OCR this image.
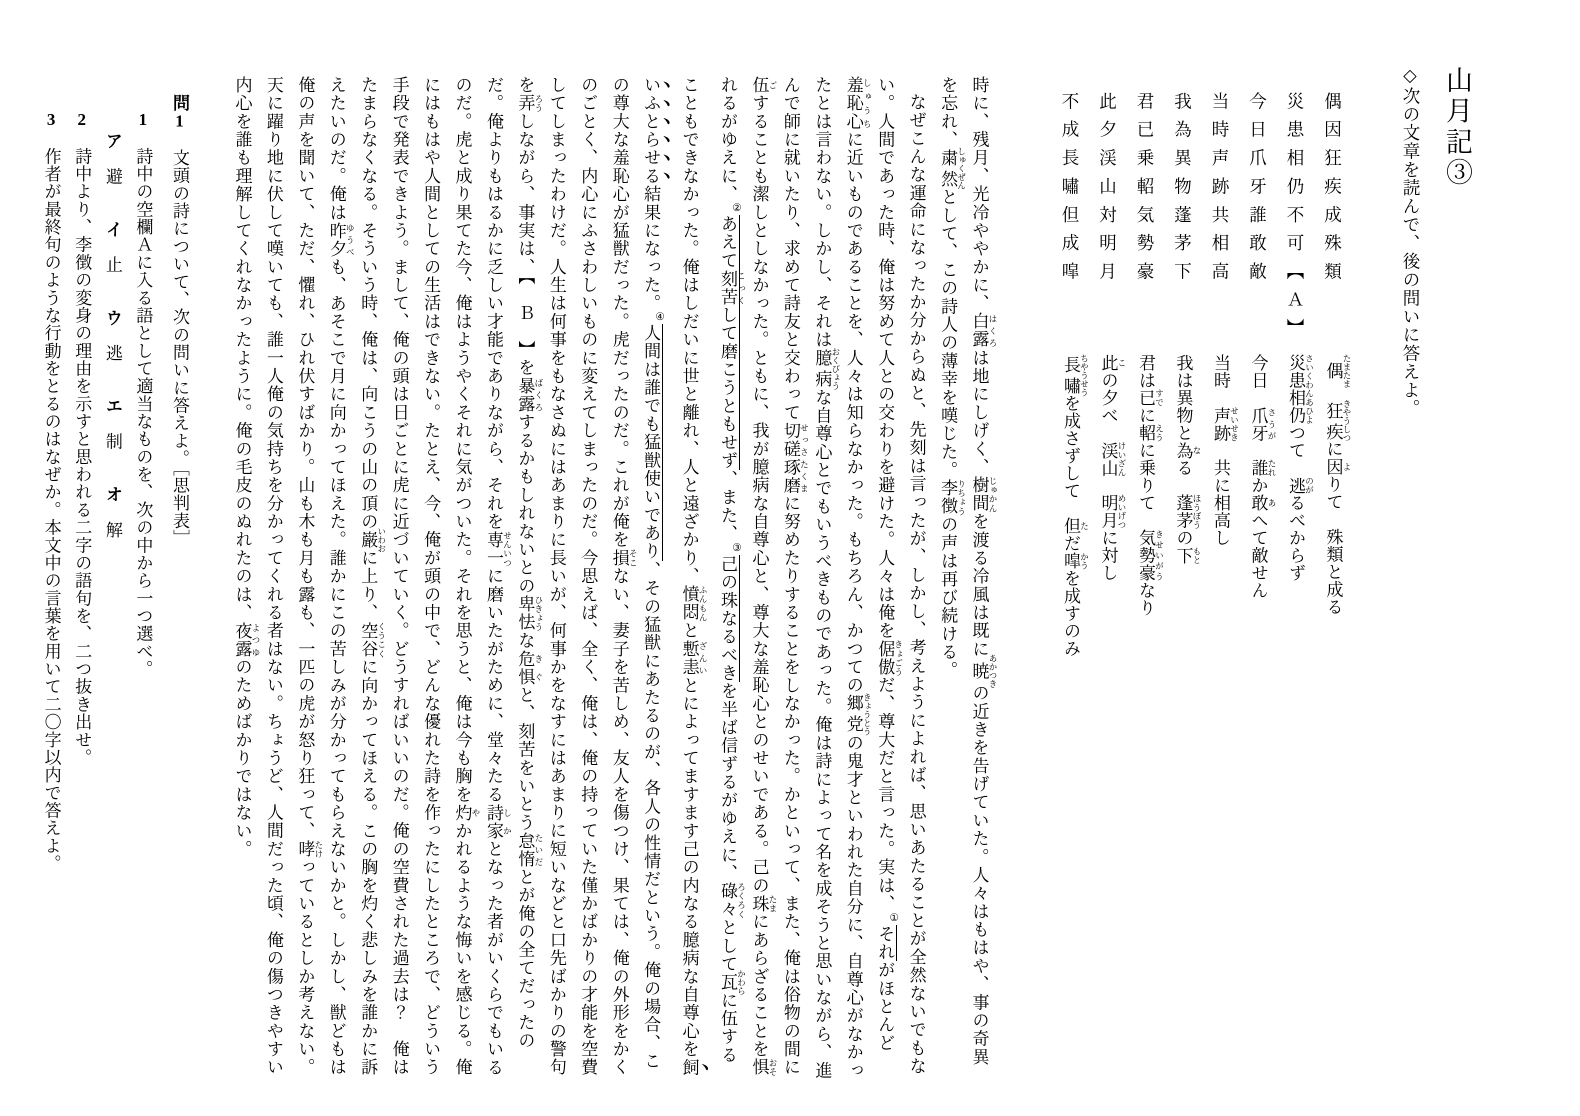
山月記③
◇次の文章を読んで、後の問いに答えよ。
偶因狂疾成殊類偶 たまたま　狂疾 きやうしつに因 よりて　殊類と成る
災患相仍不可【Ａ】災患相仍 さいくわんあひよつて　逃 のがるべからず
今日爪牙誰敢敵今日　爪牙 さうが　誰 たれか敢 あへて敵せん
当時声跡共相高当時　声跡 せいせき　共に相高し
我為異物蓬茅下我は異物と為 なる　蓬茅 ほうぼうの下 もと
君已乗軺気勢豪君は已 すでに軺 えうに乗りて　気勢豪 きせいがうなり
此夕渓山対明月此 この夕べ　渓山 けいざん　明月 めいげつに対し
不成長嘯但成噑長嘯 ちやうせうを成さずして　但 ただ噑 かうを成すのみ
時に、残月、光冷ややかに、白露 はくろは地にしげく、樹間 じゅかんを渡る冷風は既に暁 あかつきの近きを告げていた。人々はもはや、事の奇異を忘れ、粛然 しゅくぜんとして、この詩人の薄幸を嘆じた。李徴 りちょうの声は再び続ける。
なぜこんな運命になったか分からぬと、先刻は言ったが、しかし、考えようによれば、思いあたることが全然ないでもない。人間であった時、俺は努めて人との交わりを避けた。人々は俺を倨傲 きょごうだ、尊大だと言った。実は、①それがほとんど羞恥心 しゅうちに近いものであることを、人々は知らなかった。もちろん、かつての郷党 きょうとうの鬼才といわれた自分に、自尊心がなかったとは言わない。しかし、それは臆病 おくびょうな自尊心とでもいうべきものであった。俺は詩によって名を成そうと思いながら、進んで師に就いたり、求めて詩友と交わって切磋琢磨 せっさたくまに努めたりすることをしなかった。かといって、また、俺は俗物の間に伍 ごすることも潔しとしなかった。ともに、我が臆病な自尊心と、尊大な羞恥心とのせいである。己の珠 たまにあらざることを惧 おそれるがゆえに、②あえて刻苦 こっくして磨こうともせず、また、③己の珠なるべきを半ば信ずるがゆえに、碌々 ろくろくとして瓦 かわらに伍することもできなかった。俺はしだいに世と離れ、人と遠ざかり、憤悶 ふんもんと慙恚 ざんいとによってますます己の内なる臆病な自尊心を飼いふとらせる結果になった。④人間は誰でも猛獣使いであり、その猛獣にあたるのが、各人の性情だという。俺の場合、この尊大な羞恥心が猛獣だった。虎だったのだ。これが俺を損 そこない、妻子を苦しめ、友人を傷つけ、果ては、俺の外形をかくのごとく、内心にふさわしいものに変えてしまったのだ。今思えば、全く、俺は、俺の持っていた僅かばかりの才能を空費してしまったわけだ。人生は何事をもなさぬにはあまりに長いが、何事かをなすにはあまりに短いなどと口先ばかりの警句を弄 ろうしながら、事実は、【　Ｂ　】を暴露 ばくろするかもしれないとの卑怯 ひきょうな危惧 きぐと、刻苦をいとう怠惰 たいだとが俺の全てだったのだ。俺よりもはるかに乏しい才能でありながら、それを専一 せんいつに磨いたがために、堂々たる詩家 しかとなった者がいくらでもいるのだ。虎と成り果てた今、俺はようやくそれに気がついた。それを思うと、俺は今も胸を灼 やかれるような悔いを感じる。俺にはもはや人間としての生活はできない。たとえ、今、俺が頭の中で、どんな優れた詩を作ったにしたところで、どういう手段で発表できよう。まして、俺の頭は日ごとに虎に近づいていく。どうすればいいのだ。俺の空費された過去は？　俺はたまらなくなる。そういう時、俺は、向こうの山の頂の巌 いわおに上り、空谷 くうこくに向かってほえる。この胸を灼く悲しみを誰かに訴えたいのだ。俺は昨夕 ゆうべも、あそこで月に向かってほえた。誰かにこの苦しみが分かってもらえないかと。しかし、獣どもは俺の声を聞いて、ただ、懼れ、ひれ伏すばかり。山も木も月も露も、一匹の虎が怒り狂って、哮 たけっているとしか考えない。天に躍り地に伏して嘆いても、誰一人俺の気持ちを分かってくれる者はない。ちょうど、人間だった頃、俺の傷つきやすい内心を誰も理解してくれなかったように。俺の毛皮のぬれたのは、夜露 よつゆのためばかりではない。
問1　文頭の詩について、次の問いに答えよ。［思判表］
1　詩中の空欄Ａに入る語として適当なものを、次の中から一つ選べ。
ア　避　　イ　止　　ウ　逃　　エ　制　　オ　解
2　詩中より、李徴の変身の理由を示すと思われる二字の語句を、二つ抜き出せ。
3　作者が最終句のような行動をとるのはなぜか。本文中の言葉を用いて二〇字以内で答えよ。
